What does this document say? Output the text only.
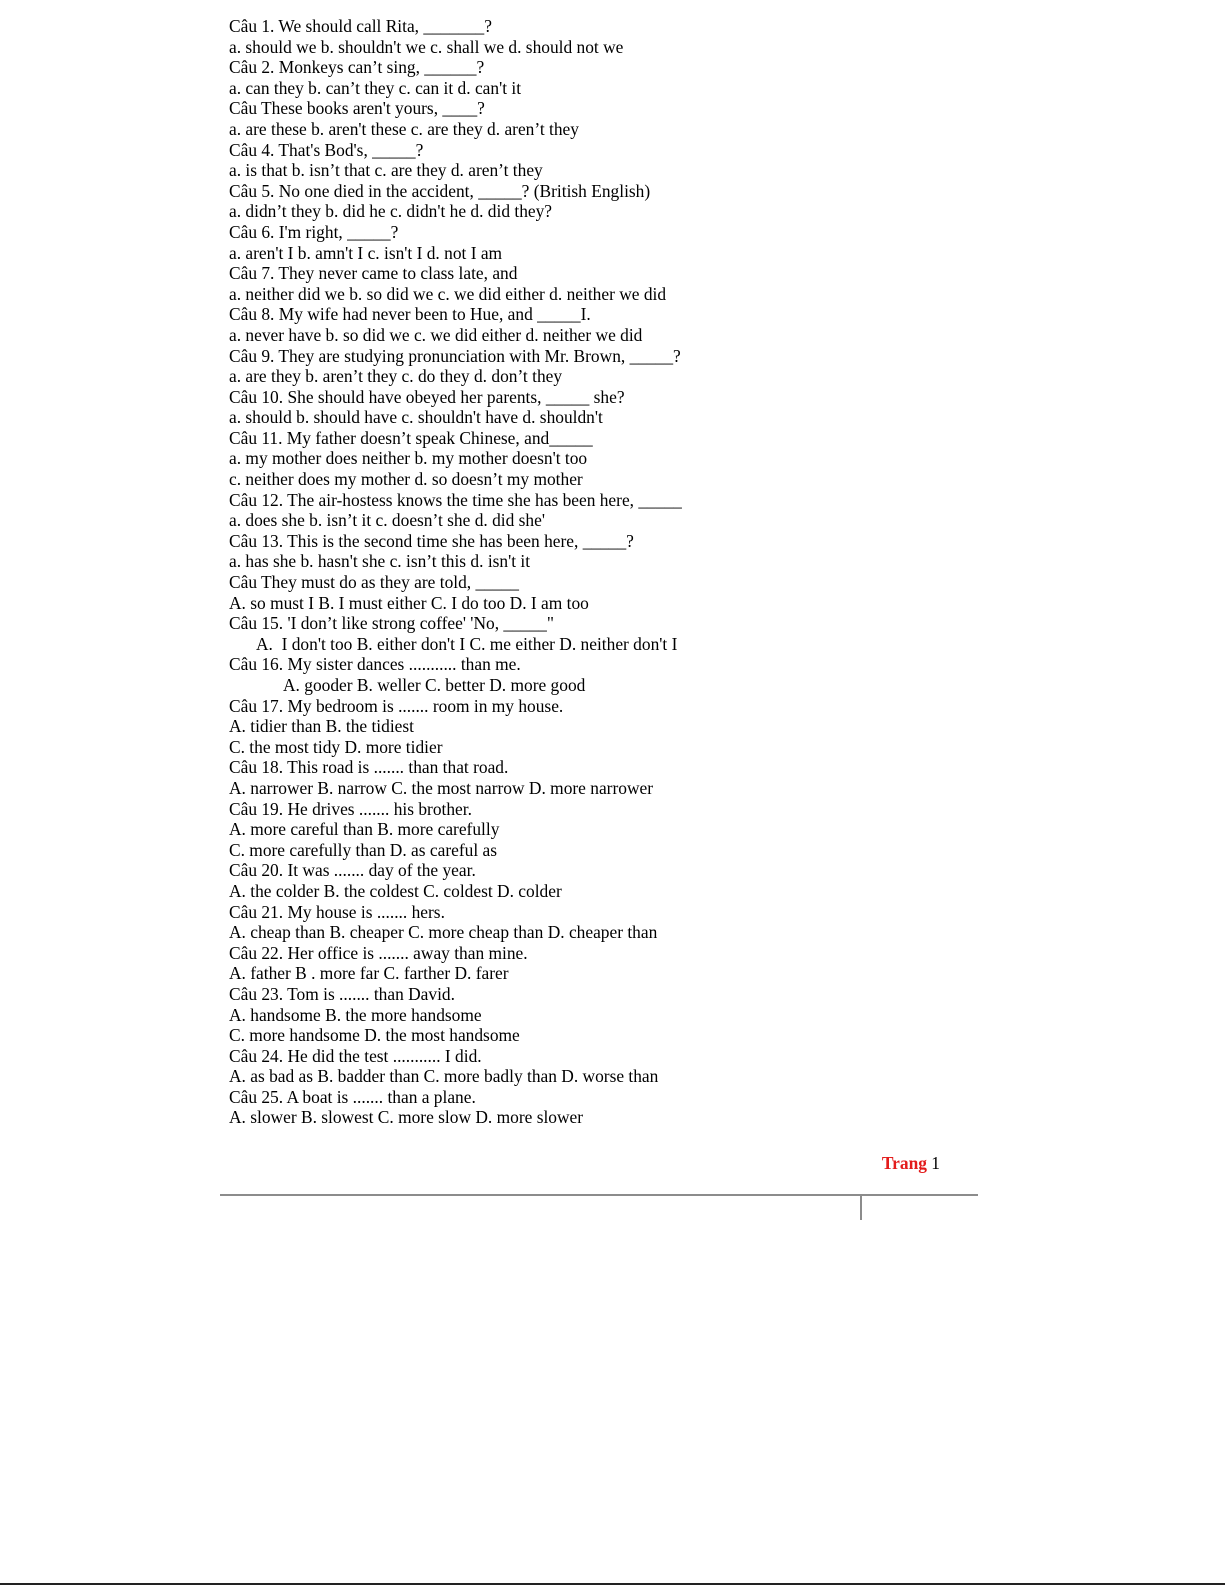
Câu 1. We should call Rita, _______?
a. should we b. shouldn't we c. shall we d. should not we
Câu 2. Monkeys can’t sing, ______?
a. can they b. can’t they c. can it d. can't it
Câu These books aren't yours, ____?
a. are these b. aren't these c. are they d. aren’t they
Câu 4. That's Bod's, _____?
a. is that b. isn’t that c. are they d. aren’t they
Câu 5. No one died in the accident, _____? (British English)
a. didn’t they b. did he c. didn't he d. did they?
Câu 6. I'm right, _____?
a. aren't I b. amn't I c. isn't I d. not I am
Câu 7. They never came to class late, and
a. neither did we b. so did we c. we did either d. neither we did
Câu 8. My wife had never been to Hue, and _____I.
a. never have b. so did we c. we did either d. neither we did
Câu 9. They are studying pronunciation with Mr. Brown, _____?
a. are they b. aren’t they c. do they d. don’t they
Câu 10. She should have obeyed her parents, _____ she?
a. should b. should have c. shouldn't have d. shouldn't
Câu 11. My father doesn’t speak Chinese, and_____
a. my mother does neither b. my mother doesn't too
c. neither does my mother d. so doesn’t my mother
Câu 12. The air-hostess knows the time she has been here, _____
a. does she b. isn’t it c. doesn’t she d. did she'
Câu 13. This is the second time she has been here, _____?
a. has she b. hasn't she c. isn’t this d. isn't it
Câu They must do as they are told, _____
A. so must I B. I must either C. I do too D. I am too
Câu 15. 'I don’t like strong coffee' 'No, _____"
A.  I don't too B. either don't I C. me either D. neither don't I
Câu 16. My sister dances ........... than me.
A. gooder B. weller C. better D. more good
Câu 17. My bedroom is ....... room in my house.
A. tidier than B. the tidiest
C. the most tidy D. more tidier
Câu 18. This road is ....... than that road.
A. narrower B. narrow C. the most narrow D. more narrower
Câu 19. He drives ....... his brother.
A. more careful than B. more carefully
C. more carefully than D. as careful as
Câu 20. It was ....... day of the year.
A. the colder B. the coldest C. coldest D. colder
Câu 21. My house is ....... hers.
A. cheap than B. cheaper C. more cheap than D. cheaper than
Câu 22. Her office is ....... away than mine.
A. father B . more far C. farther D. farer
Câu 23. Tom is ....... than David.
A. handsome B. the more handsome
C. more handsome D. the most handsome
Câu 24. He did the test ........... I did.
A. as bad as B. badder than C. more badly than D. worse than
Câu 25. A boat is ....... than a plane.
A. slower B. slowest C. more slow D. more slower
Trang 1
